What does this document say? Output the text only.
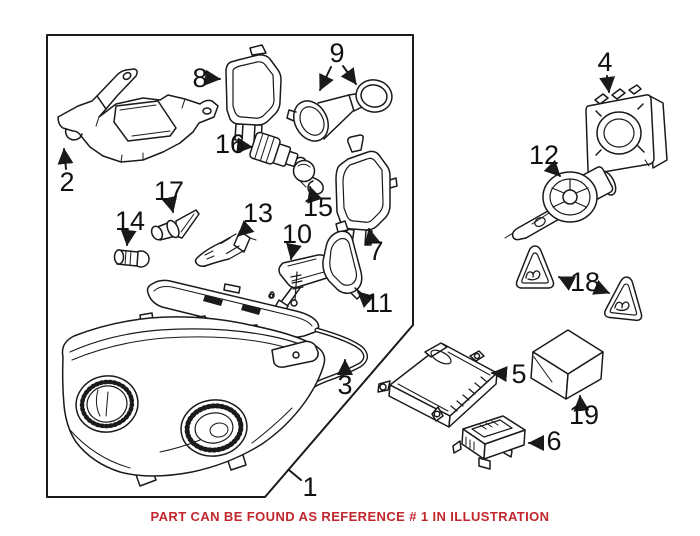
1
2
3
4
5
6
7
8
9
10
11
12
13
14	15
16
17
18
19
PART CAN BE FOUND AS REFERENCE # 1 IN ILLUSTRATION
